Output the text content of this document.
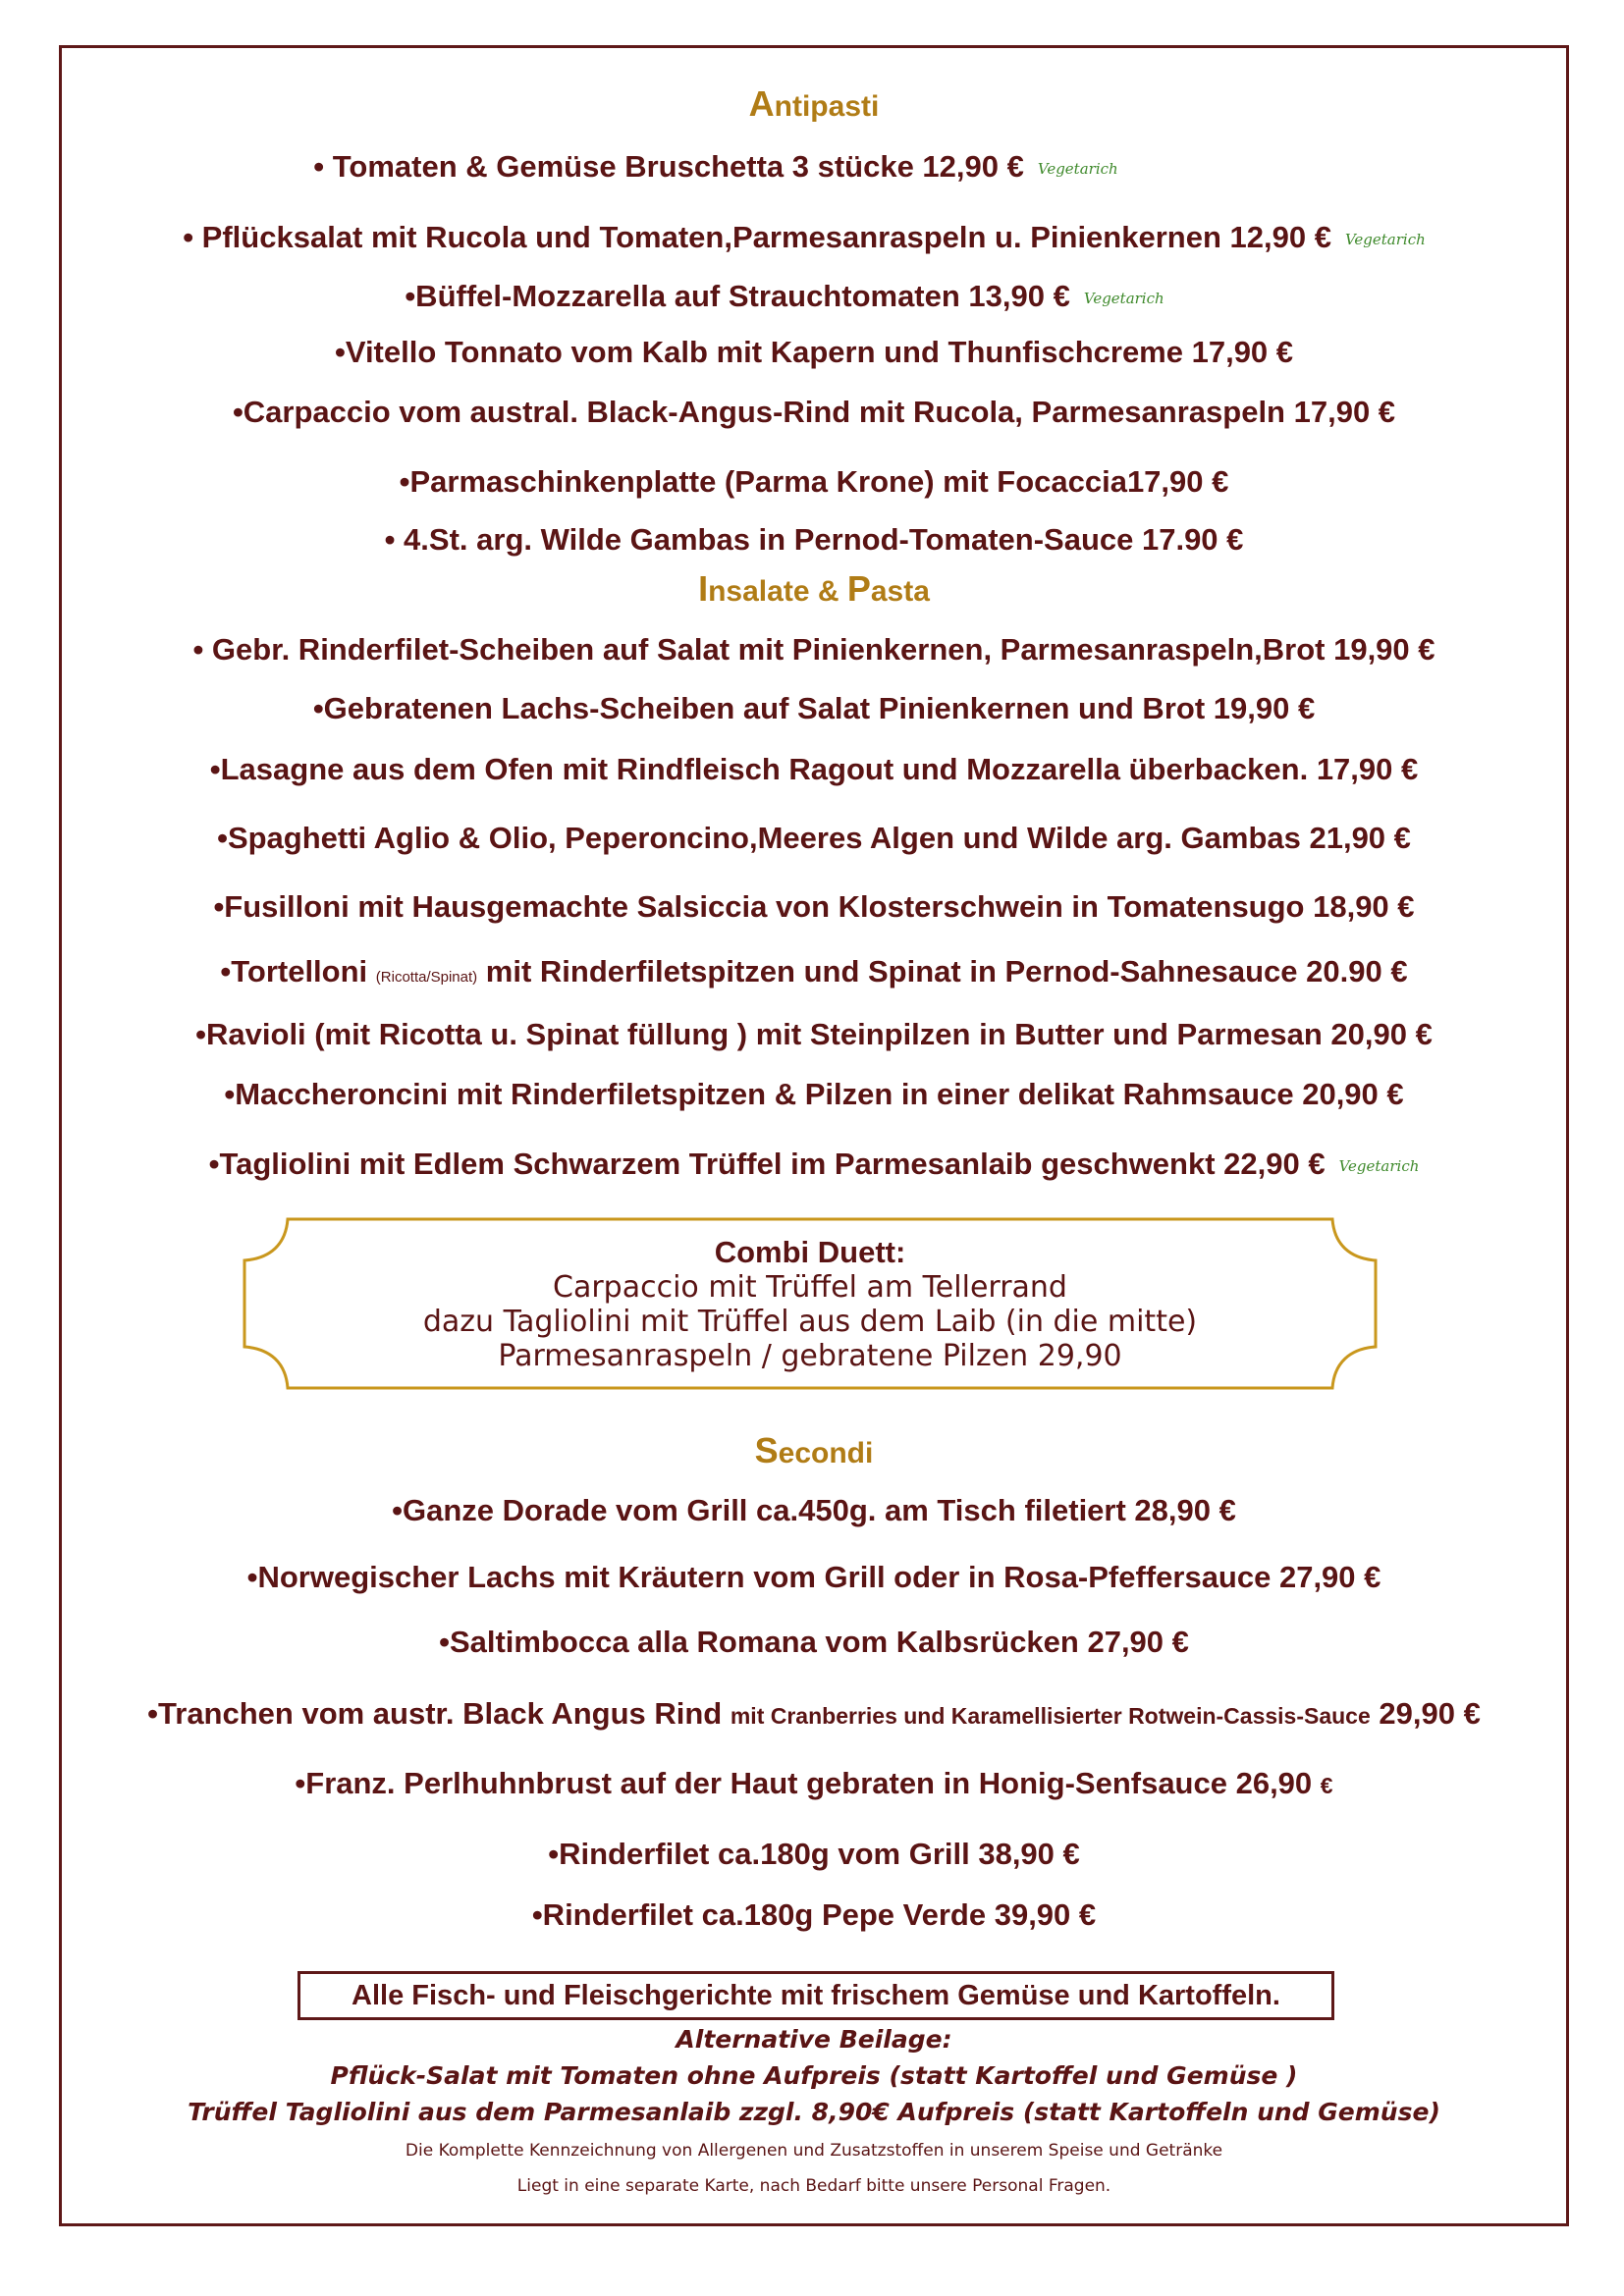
Antipasti
• Tomaten & Gemüse Bruschetta 3 stücke 12,90 € Vegetarich
• Pflücksalat mit Rucola und Tomaten,Parmesanraspeln u. Pinienkernen 12,90 € Vegetarich
•Büffel-Mozzarella auf Strauchtomaten 13,90 € Vegetarich
•Vitello Tonnato vom Kalb mit Kapern und Thunfischcreme 17,90 €
•Carpaccio vom austral. Black-Angus-Rind mit Rucola, Parmesanraspeln 17,90 €
•Parmaschinkenplatte (Parma Krone) mit Focaccia17,90 €
• 4.St. arg. Wilde Gambas in Pernod-Tomaten-Sauce 17.90 €
Insalate & Pasta
• Gebr. Rinderfilet-Scheiben auf Salat mit Pinienkernen, Parmesanraspeln,Brot 19,90 €
•Gebratenen Lachs-Scheiben auf Salat Pinienkernen und Brot 19,90 €
•Lasagne aus dem Ofen mit Rindfleisch Ragout und Mozzarella überbacken. 17,90 €
•Spaghetti Aglio & Olio, Peperoncino,Meeres Algen und Wilde arg. Gambas 21,90 €
•Fusilloni mit Hausgemachte Salsiccia von Klosterschwein in Tomatensugo 18,90 €
•Tortelloni (Ricotta/Spinat) mit Rinderfiletspitzen und Spinat in Pernod-Sahnesauce 20.90 €
•Ravioli (mit Ricotta u. Spinat füllung ) mit Steinpilzen in Butter und Parmesan 20,90 €
•Maccheroncini mit Rinderfiletspitzen & Pilzen in einer delikat Rahmsauce 20,90 €
•Tagliolini mit Edlem Schwarzem Trüffel im Parmesanlaib geschwenkt 22,90 € Vegetarich
Combi Duett:
Carpaccio mit Trüffel am Tellerrand
dazu Tagliolini mit Trüffel aus dem Laib (in die mitte)
Parmesanraspeln / gebratene Pilzen 29,90
Secondi
•Ganze Dorade vom Grill ca.450g. am Tisch filetiert 28,90 €
•Norwegischer Lachs mit Kräutern vom Grill oder in Rosa-Pfeffersauce 27,90 €
•Saltimbocca alla Romana vom Kalbsrücken 27,90 €
•Tranchen vom austr. Black Angus Rind mit Cranberries und Karamellisierter Rotwein-Cassis-Sauce 29,90 €
•Franz. Perlhuhnbrust auf der Haut gebraten in Honig-Senfsauce 26,90 €
•Rinderfilet ca.180g vom Grill 38,90 €
•Rinderfilet ca.180g Pepe Verde 39,90 €
Alle Fisch- und Fleischgerichte mit frischem Gemüse und Kartoffeln.
Alternative Beilage:
Pflück-Salat mit Tomaten ohne Aufpreis (statt Kartoffel und Gemüse )
Trüffel Tagliolini aus dem Parmesanlaib zzgl. 8,90€ Aufpreis (statt Kartoffeln und Gemüse)
Die Komplette Kennzeichnung von Allergenen und Zusatzstoffen in unserem Speise und Getränke
Liegt in eine separate Karte, nach Bedarf bitte unsere Personal Fragen.
